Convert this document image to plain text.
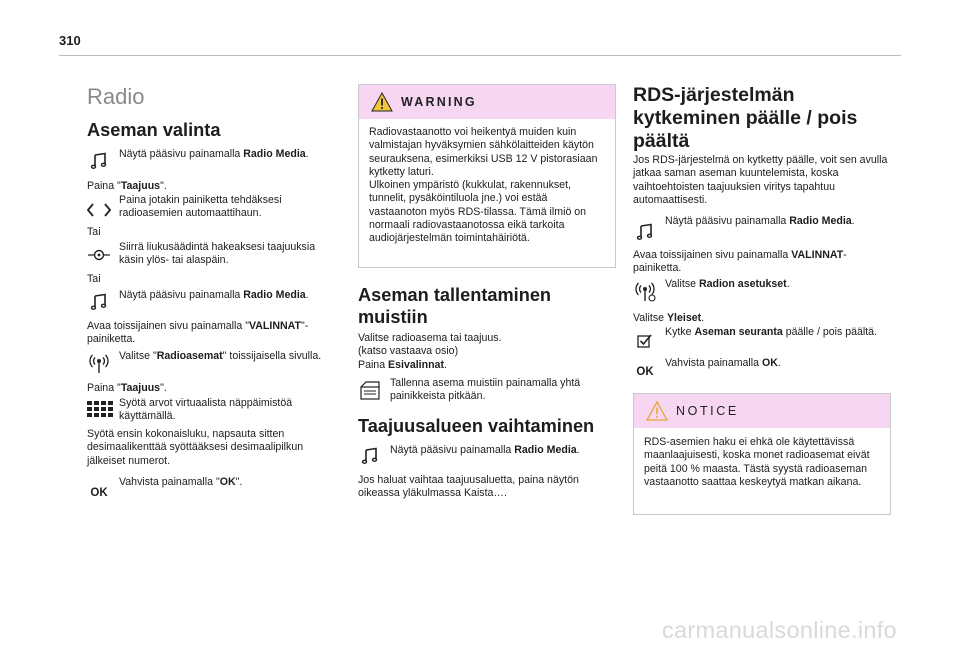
310
Radio
Aseman valinta
Näytä pääsivu painamalla Radio Media.
Paina "Taajuus".
Paina jotakin painiketta tehdäksesi radioasemien automaattihaun.
Tai
Siirrä liukusäädintä hakeaksesi taajuuksia käsin ylös- tai alaspäin.
Tai
Näytä pääsivu painamalla Radio Media.
Avaa toissijainen sivu painamalla "VALINNAT"-painiketta.
Valitse "Radioasemat" toissijaisella sivulla.
Paina "Taajuus".
Syötä arvot virtuaalista näppäimistöä käyttämällä.
Syötä ensin kokonaisluku, napsauta sitten desimaalikenttää syöttääksesi desimaalipilkun jälkeiset numerot.
OK
Vahvista painamalla "OK".
WARNING
Radiovastaanotto voi heikentyä muiden kuin valmistajan hyväksymien sähkölaitteiden käytön seurauksena, esimerkiksi USB 12 V pistorasiaan kytketty laturi.
Ulkoinen ympäristö (kukkulat, rakennukset, tunnelit, pysäköintiluola jne.) voi estää vastaanoton myös RDS-tilassa. Tämä ilmiö on normaali radiovastaanotossa eikä tarkoita audiojärjestelmän toimintahäiriötä.
Aseman tallentaminen muistiin
Valitse radioasema tai taajuus.
(katso vastaava osio)
Paina Esivalinnat.
Tallenna asema muistiin painamalla yhtä painikkeista pitkään.
Taajuusalueen vaihtaminen
Näytä pääsivu painamalla Radio Media.
Jos haluat vaihtaa taajuusaluetta, paina näytön oikeassa yläkulmassa Kaista….
RDS-järjestelmän kytkeminen päälle / pois päältä
Jos RDS-järjestelmä on kytketty päälle, voit sen avulla jatkaa saman aseman kuuntelemista, koska vaihtoehtoisten taajuuksien viritys tapahtuu automaattisesti.
Näytä pääsivu painamalla Radio Media.
Avaa toissijainen sivu painamalla VALINNAT-painiketta.
Valitse Radion asetukset.
Valitse Yleiset.
Kytke Aseman seuranta päälle / pois päältä.
OK
Vahvista painamalla OK.
NOTICE
RDS-asemien haku ei ehkä ole käytettävissä maanlaajuisesti, koska monet radioasemat eivät peitä 100 % maasta. Tästä syystä radioaseman vastaanotto saattaa keskeytyä matkan aikana.
carmanualsonline.info
